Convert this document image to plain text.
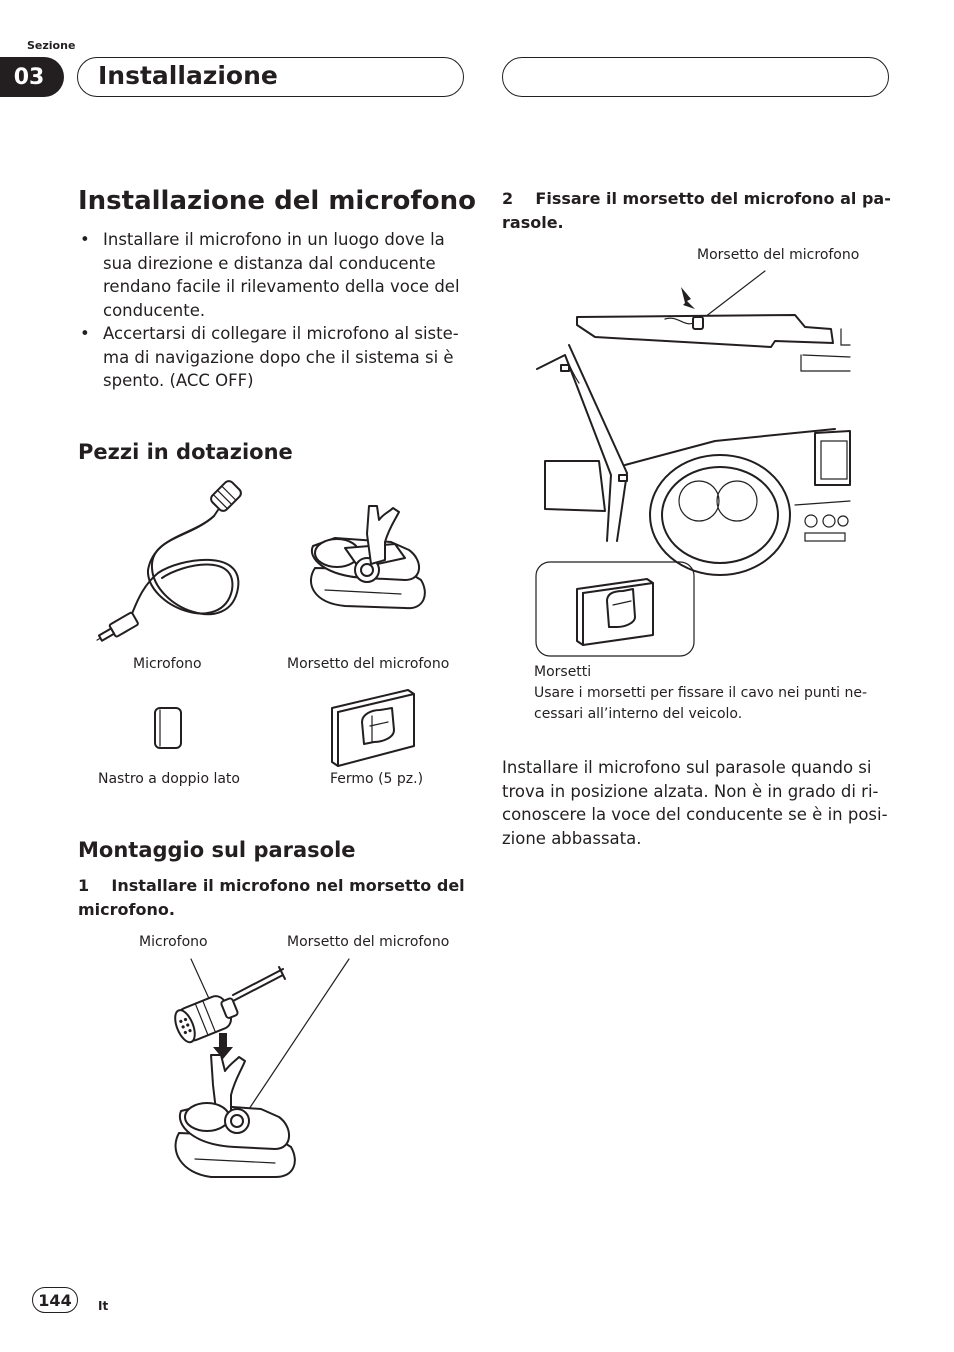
Sezione
03	Installazione
Installazione del microfono
• Installare il microfono in un luogo dove la sua direzione e distanza dal conducente rendano facile il rilevamento della voce del conducente.
• Accertarsi di collegare il microfono al siste- ma di navigazione dopo che il sistema si è spento. (ACC OFF)
Pezzi in dotazione
Microfono	Morsetto del microfono
Nastro a doppio lato	Fermo (5 pz.)
Montaggio sul parasole
1 Installare il microfono nel morsetto del microfono.
Microfono	Morsetto del microfono
2 Fissare il morsetto del microfono al pa- rasole.
Morsetto del microfono
Morsetti
Usare i morsetti per fissare il cavo nei punti ne- cessari all’interno del veicolo.
Installare il microfono sul parasole quando si trova in posizione alzata. Non è in grado di ri- conoscere la voce del conducente se è in posi- zione abbassata.
144	It
